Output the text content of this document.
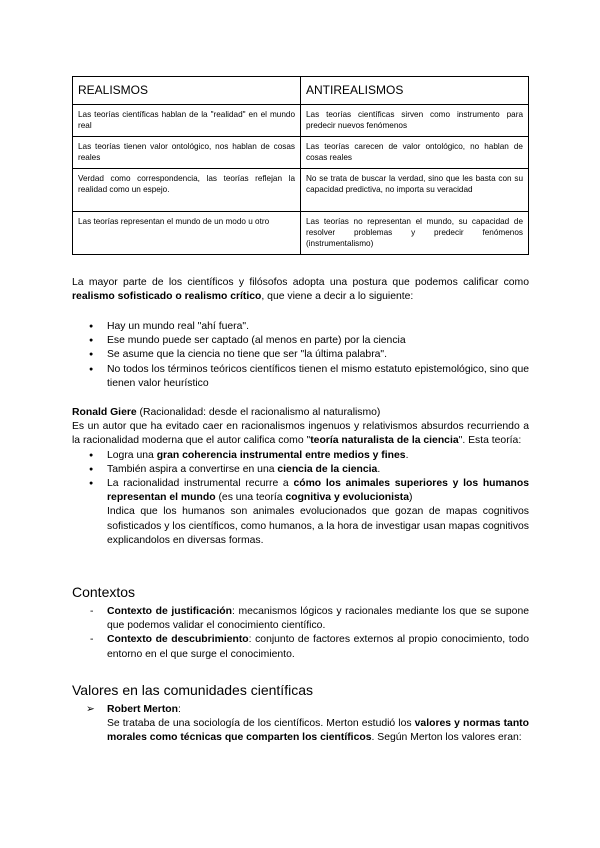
REALISMOS	ANTIREALISMOS
Las teorías científicas hablan de la "realidad" en el mundo real	Las teorías científicas sirven como instrumento para predecir nuevos fenómenos
Las teorías tienen valor ontológico, nos hablan de cosas reales	Las teorías carecen de valor ontológico, no hablan de cosas reales
Verdad como correspondencia, las teorías reflejan la realidad como un espejo.	No se trata de buscar la verdad, sino que les basta con su capacidad predictiva, no importa su veracidad
Las teorías representan el mundo de un modo u otro	Las teorías no representan el mundo, su capacidad de resolver problemas y predecir fenómenos (instrumentalismo)
La mayor parte de los científicos y filósofos adopta una postura que podemos calificar como realismo sofisticado o realismo crítico, que viene a decir a lo siguiente:
● Hay un mundo real "ahí fuera".
● Ese mundo puede ser captado (al menos en parte) por la ciencia
● Se asume que la ciencia no tiene que ser "la última palabra".
● No todos los términos teóricos científicos tienen el mismo estatuto epistemológico, sino que tienen valor heurístico
Ronald Giere (Racionalidad: desde el racionalismo al naturalismo)
Es un autor que ha evitado caer en racionalismos ingenuos y relativismos absurdos recurriendo a la racionalidad moderna que el autor califica como "teoría naturalista de la ciencia". Esta teoría:
● Logra una gran coherencia instrumental entre medios y fines.
● También aspira a convertirse en una ciencia de la ciencia.
● La racionalidad instrumental recurre a cómo los animales superiores y los humanos representan el mundo (es una teoría cognitiva y evolucionista)
Indica que los humanos son animales evolucionados que gozan de mapas cognitivos sofisticados y los científicos, como humanos, a la hora de investigar usan mapas cognitivos explicandolos en diversas formas.
Contextos
- Contexto de justificación: mecanismos lógicos y racionales mediante los que se supone que podemos validar el conocimiento científico.
- Contexto de descubrimiento: conjunto de factores externos al propio conocimiento, todo entorno en el que surge el conocimiento.
Valores en las comunidades científicas
➢ Robert Merton:
Se trataba de una sociología de los científicos. Merton estudió los valores y normas tanto morales como técnicas que comparten los científicos. Según Merton los valores eran:
